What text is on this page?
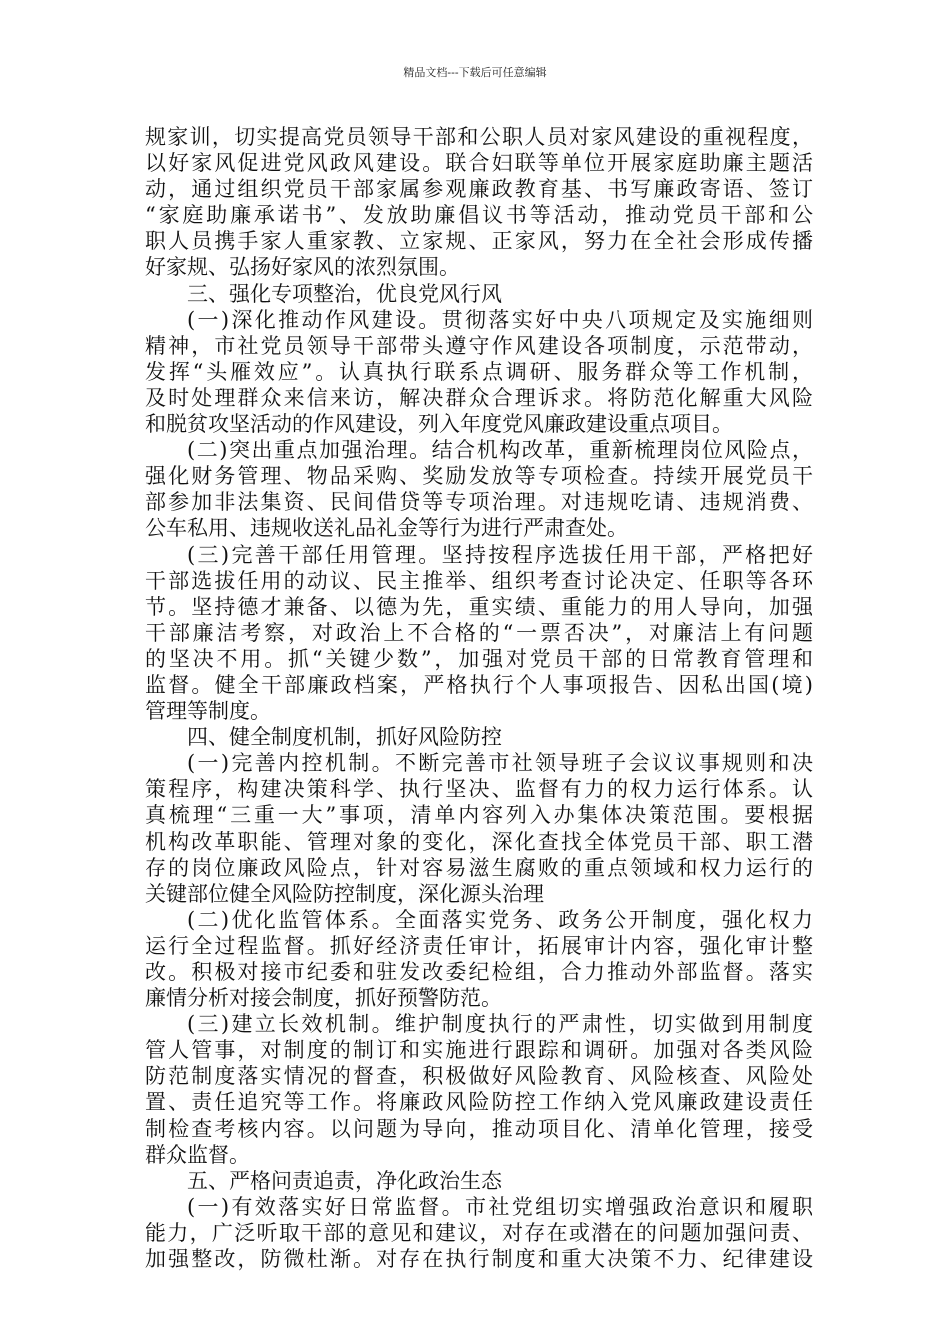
精品文档---下载后可任意编辑
规家训，切实提高党员领导干部和公职人员对家风建设的重视程度，
以好家风促进党风政风建设。联合妇联等单位开展家庭助廉主题活
动，通过组织党员干部家属参观廉政教育基、书写廉政寄语、签订
“家庭助廉承诺书”、发放助廉倡议书等活动，推动党员干部和公
职人员携手家人重家教、立家规、正家风，努力在全社会形成传播
好家规、弘扬好家风的浓烈氛围。
三、强化专项整治，优良党风行风
(一)深化推动作风建设。贯彻落实好中央八项规定及实施细则
精神，市社党员领导干部带头遵守作风建设各项制度，示范带动，
发挥“头雁效应”。认真执行联系点调研、服务群众等工作机制，
及时处理群众来信来访，解决群众合理诉求。将防范化解重大风险
和脱贫攻坚活动的作风建设，列入年度党风廉政建设重点项目。
(二)突出重点加强治理。结合机构改革，重新梳理岗位风险点，
强化财务管理、物品采购、奖励发放等专项检查。持续开展党员干
部参加非法集资、民间借贷等专项治理。对违规吃请、违规消费、
公车私用、违规收送礼品礼金等行为进行严肃查处。
(三)完善干部任用管理。坚持按程序选拔任用干部，严格把好
干部选拔任用的动议、民主推举、组织考查讨论决定、任职等各环
节。坚持德才兼备、以德为先，重实绩、重能力的用人导向，加强
干部廉洁考察，对政治上不合格的“一票否决”，对廉洁上有问题
的坚决不用。抓“关键少数”，加强对党员干部的日常教育管理和
监督。健全干部廉政档案，严格执行个人事项报告、因私出国(境)
管理等制度。
四、健全制度机制，抓好风险防控
(一)完善内控机制。不断完善市社领导班子会议议事规则和决
策程序，构建决策科学、执行坚决、监督有力的权力运行体系。认
真梳理“三重一大”事项，清单内容列入办集体决策范围。要根据
机构改革职能、管理对象的变化，深化查找全体党员干部、职工潜
存的岗位廉政风险点，针对容易滋生腐败的重点领域和权力运行的
关键部位健全风险防控制度，深化源头治理
(二)优化监管体系。全面落实党务、政务公开制度，强化权力
运行全过程监督。抓好经济责任审计，拓展审计内容，强化审计整
改。积极对接市纪委和驻发改委纪检组，合力推动外部监督。落实
廉情分析对接会制度，抓好预警防范。
(三)建立长效机制。维护制度执行的严肃性，切实做到用制度
管人管事，对制度的制订和实施进行跟踪和调研。加强对各类风险
防范制度落实情况的督查，积极做好风险教育、风险核查、风险处
置、责任追究等工作。将廉政风险防控工作纳入党风廉政建设责任
制检查考核内容。以问题为导向，推动项目化、清单化管理，接受
群众监督。
五、严格问责追责，净化政治生态
(一)有效落实好日常监督。市社党组切实增强政治意识和履职
能力，广泛听取干部的意见和建议，对存在或潜在的问题加强问责、
加强整改，防微杜渐。对存在执行制度和重大决策不力、纪律建设
